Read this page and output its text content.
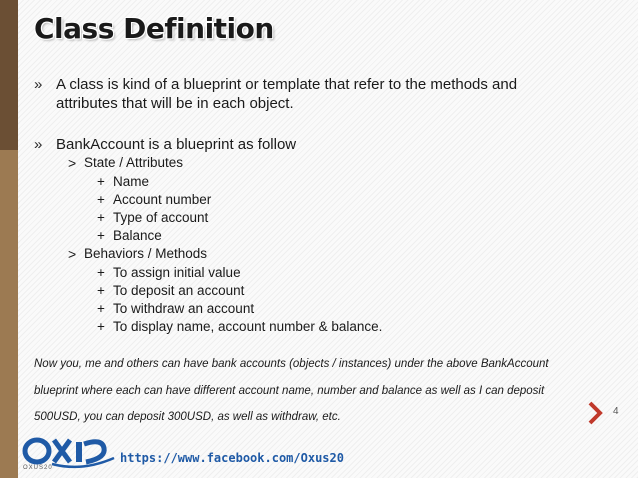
Class Definition
» A class is kind of a blueprint or template that refer to the methods and
attributes that will be in each object.
» BankAccount is a blueprint as follow
> State / Attributes
+ Name
+ Account number
+ Type of account
+ Balance
> Behaviors / Methods
+ To assign initial value
+ To deposit an account
+ To withdraw an account
+ To display name, account number & balance.

Now you, me and others can have bank accounts (objects / instances) under the above BankAccount

blueprint where each can have different account name, number and balance as well as I can deposit

500USD, you can deposit 300USD, as well as withdraw, etc.	4
OXUS20
https://www.facebook.com/Oxus20
